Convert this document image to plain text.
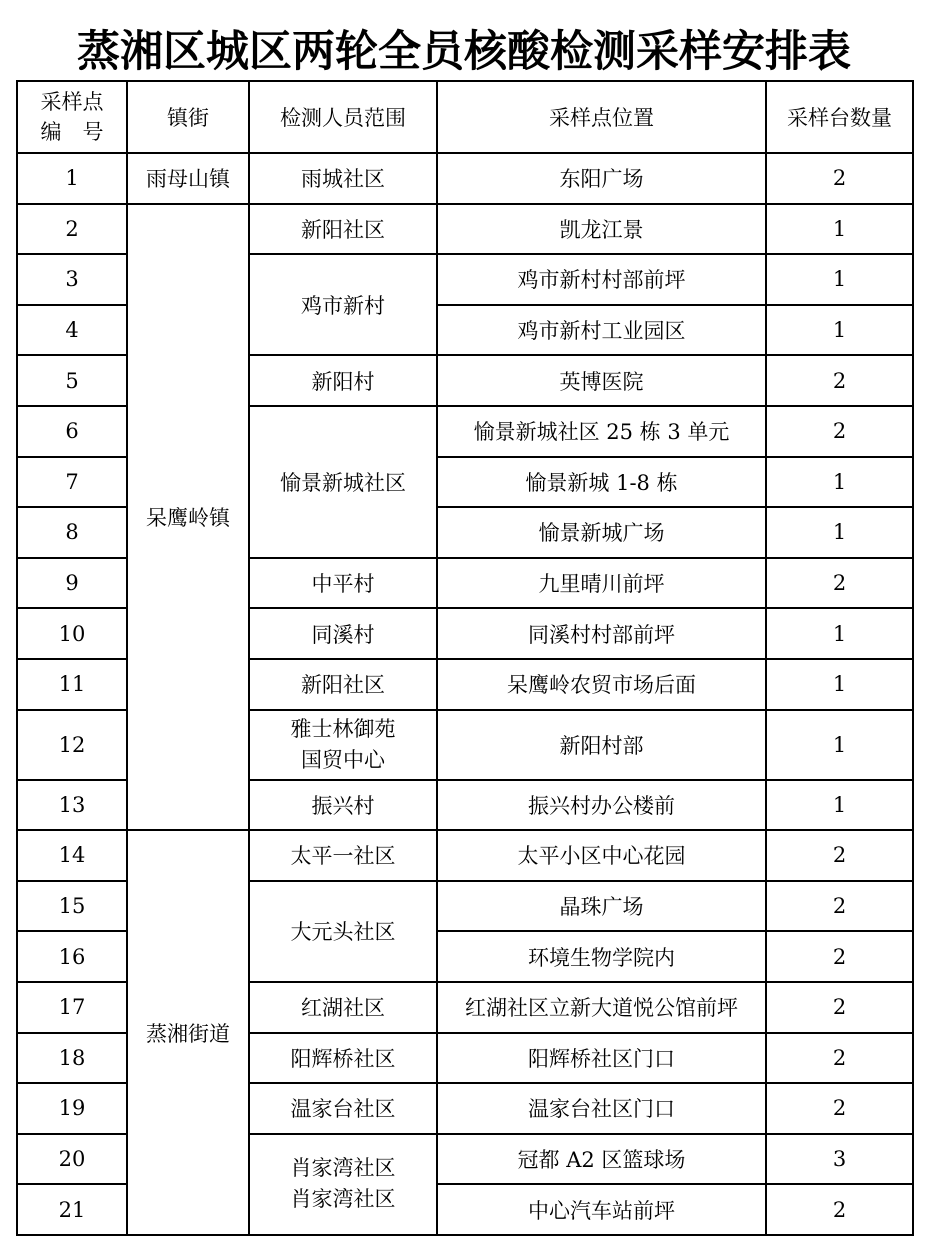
蒸湘区城区两轮全员核酸检测采样安排表
采样点
编　号	镇街	检测人员范围	采样点位置	采样台数量
1	雨母山镇	雨城社区	东阳广场	2
2	呆鹰岭镇	新阳社区	凯龙江景	1
3		鸡市新村	鸡市新村村部前坪	1
4			鸡市新村工业园区	1
5		新阳村	英博医院	2
6		愉景新城社区	愉景新城社区 25 栋 3 单元	2
7			愉景新城 1-8 栋	1
8			愉景新城广场	1
9		中平村	九里晴川前坪	2
10		同溪村	同溪村村部前坪	1
11		新阳社区	呆鹰岭农贸市场后面	1
12		雅士林御苑
国贸中心	新阳村部	1
13		振兴村	振兴村办公楼前	1
14	蒸湘街道	太平一社区	太平小区中心花园	2
15		大元头社区	晶珠广场	2
16			环境生物学院内	2
17		红湖社区	红湖社区立新大道悦公馆前坪	2
18		阳辉桥社区	阳辉桥社区门口	2
19		温家台社区	温家台社区门口	2
20		肖家湾社区
肖家湾社区	冠都 A2 区篮球场	3
21			中心汽车站前坪	2
